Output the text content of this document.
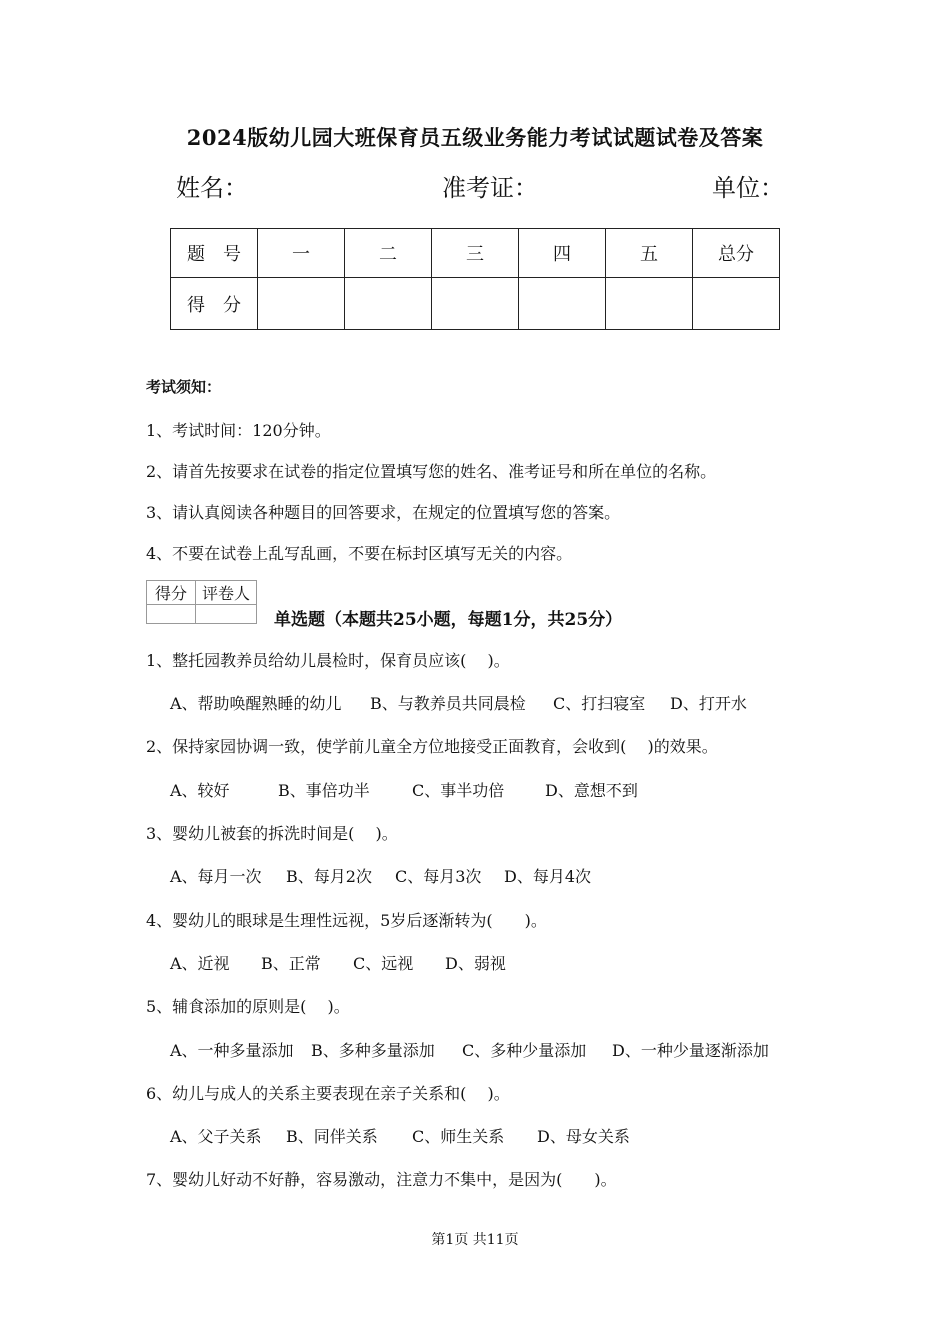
2024版幼儿园大班保育员五级业务能力考试试题试卷及答案
姓名：	准考证：	单位：
题　号	一	二	三	四	五	总分
得　分						
考试须知：
1、考试时间：120分钟。
2、请首先按要求在试卷的指定位置填写您的姓名、准考证号和所在单位的名称。
3、请认真阅读各种题目的回答要求，在规定的位置填写您的答案。
4、不要在试卷上乱写乱画，不要在标封区填写无关的内容。
得分	评卷人

单选题（本题共25小题，每题1分，共25分）
1、整托园教养员给幼儿晨检时，保育员应该(　 )。
A、帮助唤醒熟睡的幼儿 B、与教养员共同晨检 C、打扫寝室 D、打开水
2、保持家园协调一致，使学前儿童全方位地接受正面教育，会收到(　 )的效果。
A、较好	B、事倍功半	C、事半功倍	D、意想不到
3、婴幼儿被套的拆洗时间是(　 )。
A、每月一次 B、每月2次 C、每月3次 D、每月4次
4、婴幼儿的眼球是生理性远视，5岁后逐渐转为(　　)。
A、近视 B、正常 C、远视 D、弱视
5、辅食添加的原则是(　 )。
A、一种多量添加 B、多种多量添加 C、多种少量添加 D、一种少量逐渐添加
6、幼儿与成人的关系主要表现在亲子关系和(　 )。
A、父子关系 B、同伴关系 C、师生关系 D、母女关系
7、婴幼儿好动不好静，容易激动，注意力不集中，是因为(　　)。
第1页 共11页
